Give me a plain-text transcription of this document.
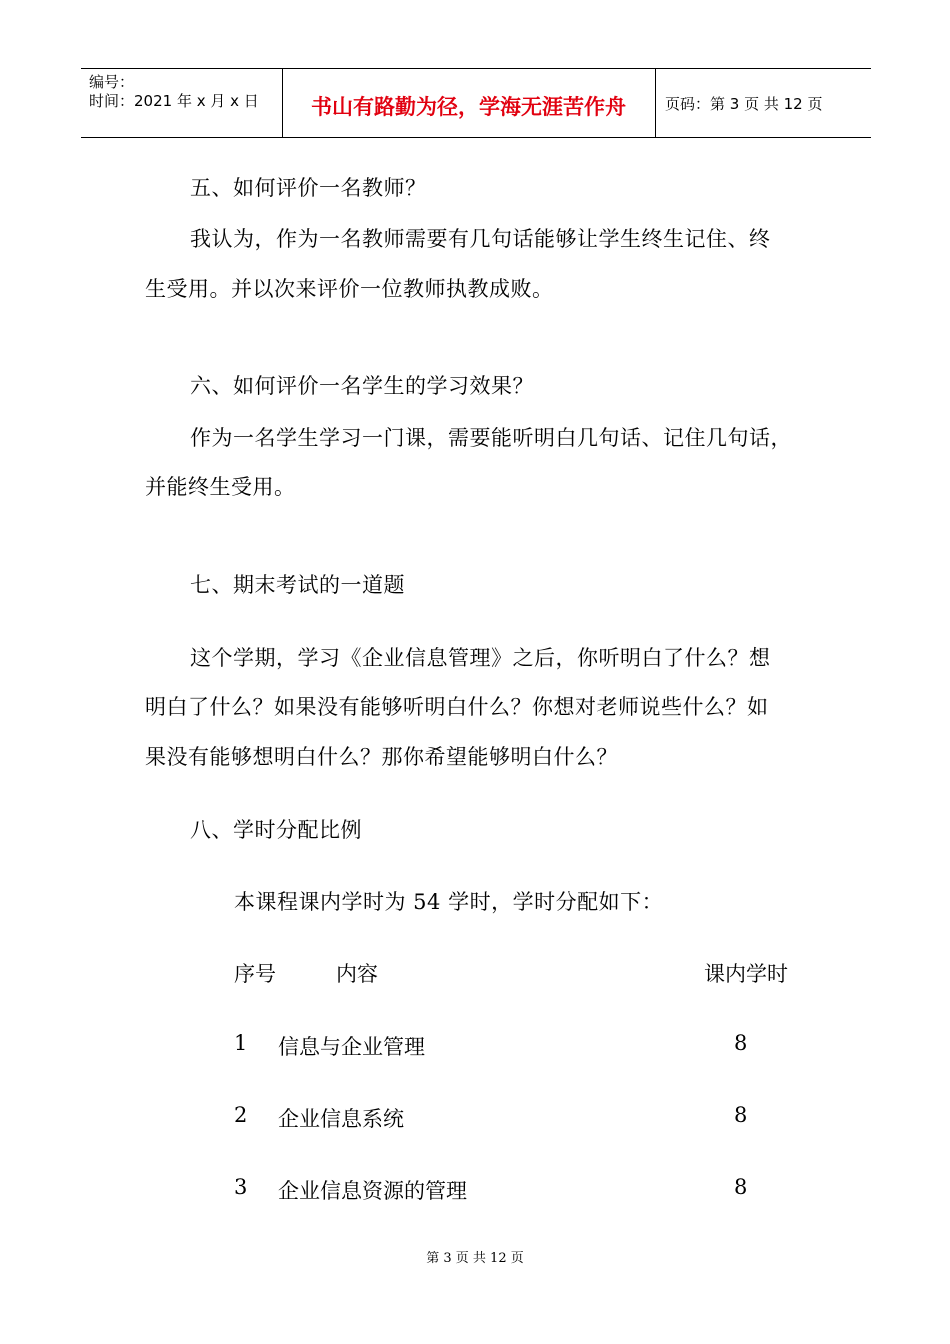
编号：
时间：2021 年 x 月 x 日	书山有路勤为径，学海无涯苦作舟	页码：第 3 页 共 12 页
五、如何评价一名教师？
我认为，作为一名教师需要有几句话能够让学生终生记住、终
生受用。并以次来评价一位教师执教成败。
六、如何评价一名学生的学习效果？
作为一名学生学习一门课，需要能听明白几句话、记住几句话，
并能终生受用。
七、期末考试的一道题
这个学期，学习《企业信息管理》之后，你听明白了什么？想
明白了什么？如果没有能够听明白什么？你想对老师说些什么？如
果没有能够想明白什么？那你希望能够明白什么？
八、学时分配比例
本课程课内学时为 54 学时，学时分配如下：
序号	内容	课内学时
1 信息与企业管理	8
2 企业信息系统	8
3 企业信息资源的管理	8
第 3 页 共 12 页
